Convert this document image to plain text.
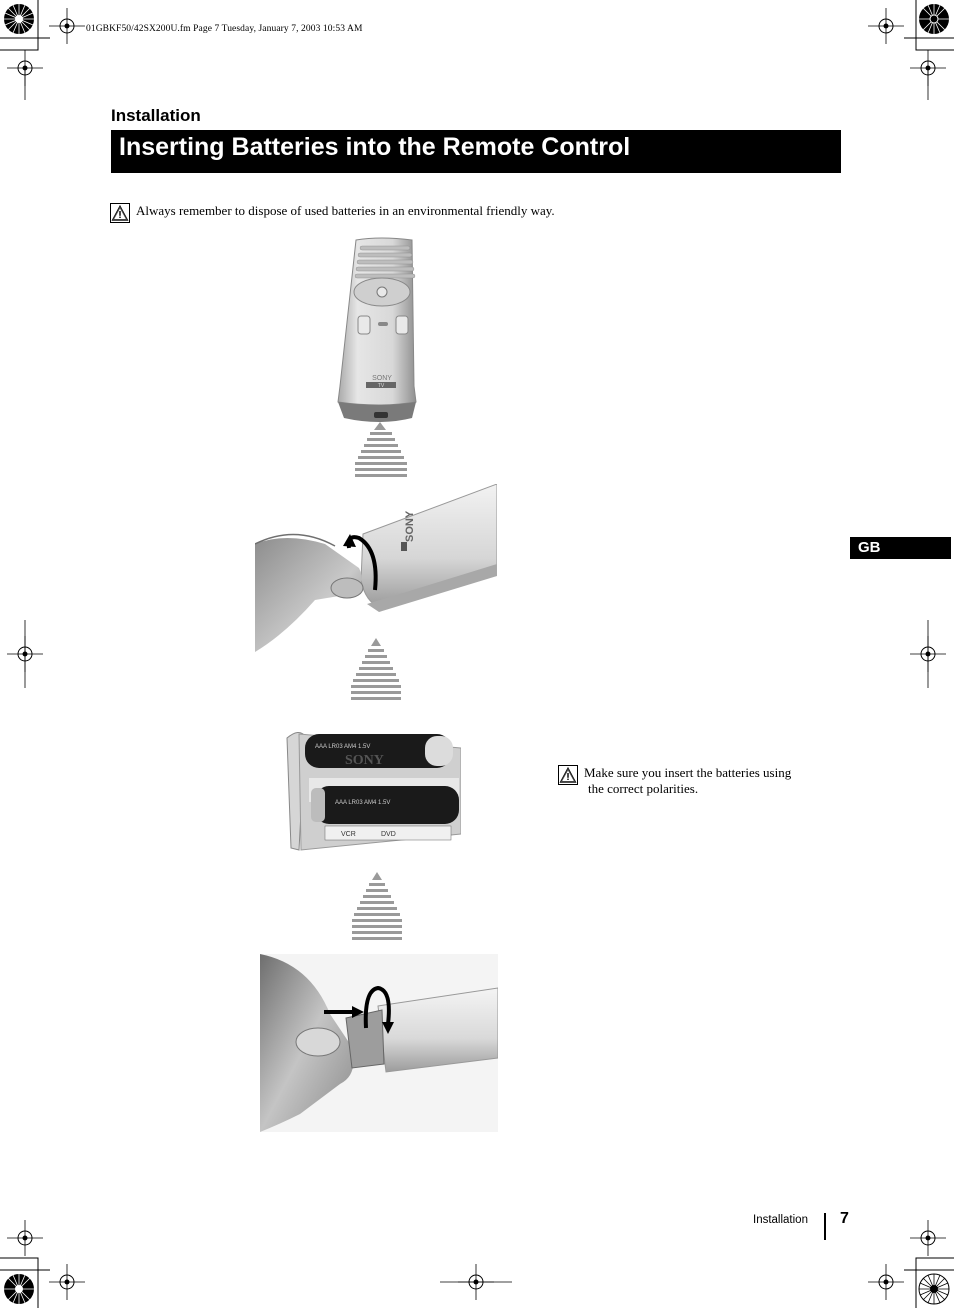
01GBKF50/42SX200U.fm Page 7 Tuesday, January 7, 2003 10:53 AM
Installation
Inserting Batteries into the Remote Control
Always remember to dispose of used batteries in an environmental friendly way.
SONY
TV
SONY
AAA LR03 AM4 1.5V
SONY
AAA LR03 AM4 1.5V
VCR	DVD
Make sure you insert the batteries using
the correct polarities.
GB
Installation 7
